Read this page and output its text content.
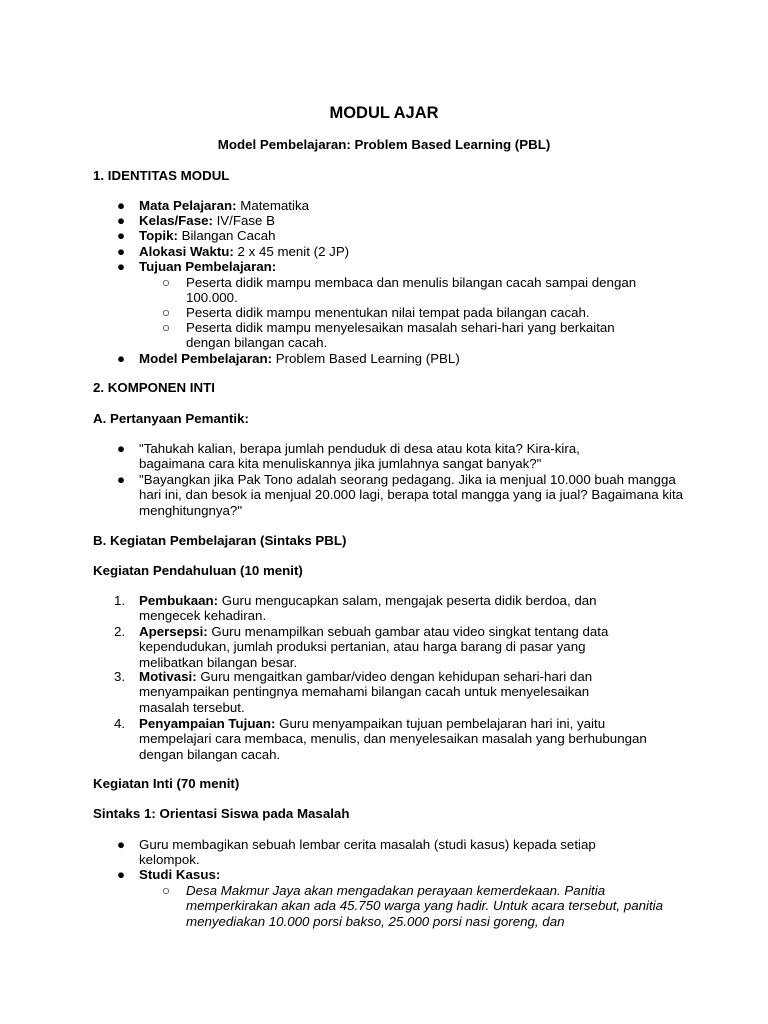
MODUL AJAR
Model Pembelajaran: Problem Based Learning (PBL)
1. IDENTITAS MODUL
● Mata Pelajaran: Matematika
● Kelas/Fase: IV/Fase B
● Topik: Bilangan Cacah
● Alokasi Waktu: 2 x 45 menit (2 JP)
● Tujuan Pembelajaran:
○ Peserta didik mampu membaca dan menulis bilangan cacah sampai dengan 100.000.
○ Peserta didik mampu menentukan nilai tempat pada bilangan cacah.
○ Peserta didik mampu menyelesaikan masalah sehari-hari yang berkaitan dengan bilangan cacah.
● Model Pembelajaran: Problem Based Learning (PBL)
2. KOMPONEN INTI
A. Pertanyaan Pemantik:
● "Tahukah kalian, berapa jumlah penduduk di desa atau kota kita? Kira-kira, bagaimana cara kita menuliskannya jika jumlahnya sangat banyak?"
● "Bayangkan jika Pak Tono adalah seorang pedagang. Jika ia menjual 10.000 buah mangga hari ini, dan besok ia menjual 20.000 lagi, berapa total mangga yang ia jual? Bagaimana kita menghitungnya?"
B. Kegiatan Pembelajaran (Sintaks PBL)
Kegiatan Pendahuluan (10 menit)
1. Pembukaan: Guru mengucapkan salam, mengajak peserta didik berdoa, dan mengecek kehadiran.
2. Apersepsi: Guru menampilkan sebuah gambar atau video singkat tentang data kependudukan, jumlah produksi pertanian, atau harga barang di pasar yang melibatkan bilangan besar.
3. Motivasi: Guru mengaitkan gambar/video dengan kehidupan sehari-hari dan menyampaikan pentingnya memahami bilangan cacah untuk menyelesaikan masalah tersebut.
4. Penyampaian Tujuan: Guru menyampaikan tujuan pembelajaran hari ini, yaitu mempelajari cara membaca, menulis, dan menyelesaikan masalah yang berhubungan dengan bilangan cacah.
Kegiatan Inti (70 menit)
Sintaks 1: Orientasi Siswa pada Masalah
● Guru membagikan sebuah lembar cerita masalah (studi kasus) kepada setiap kelompok.
● Studi Kasus:
○ Desa Makmur Jaya akan mengadakan perayaan kemerdekaan. Panitia memperkirakan akan ada 45.750 warga yang hadir. Untuk acara tersebut, panitia menyediakan 10.000 porsi bakso, 25.000 porsi nasi goreng, dan
